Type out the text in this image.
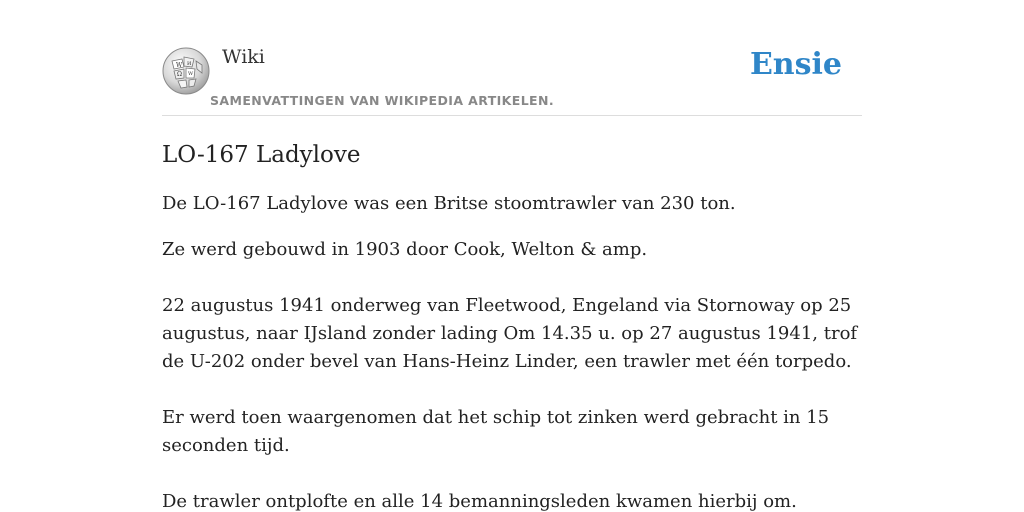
W И
Ω W
Wiki
SAMENVATTINGEN VAN WIKIPEDIA ARTIKELEN.
Ensie
LO-167 Ladylove

De LO-167 Ladylove was een Britse stoomtrawler van 230 ton.

Ze werd gebouwd in 1903 door Cook, Welton & amp.

22 augustus 1941 onderweg van Fleetwood, Engeland via Stornoway op 25 augustus, naar IJsland zonder lading Om 14.35 u. op 27 augustus 1941, trof de U-202 onder bevel van Hans-Heinz Linder, een trawler met één torpedo.

Er werd toen waargenomen dat het schip tot zinken werd gebracht in 15 seconden tijd.

De trawler ontplofte en alle 14 bemanningsleden kwamen hierbij om.
